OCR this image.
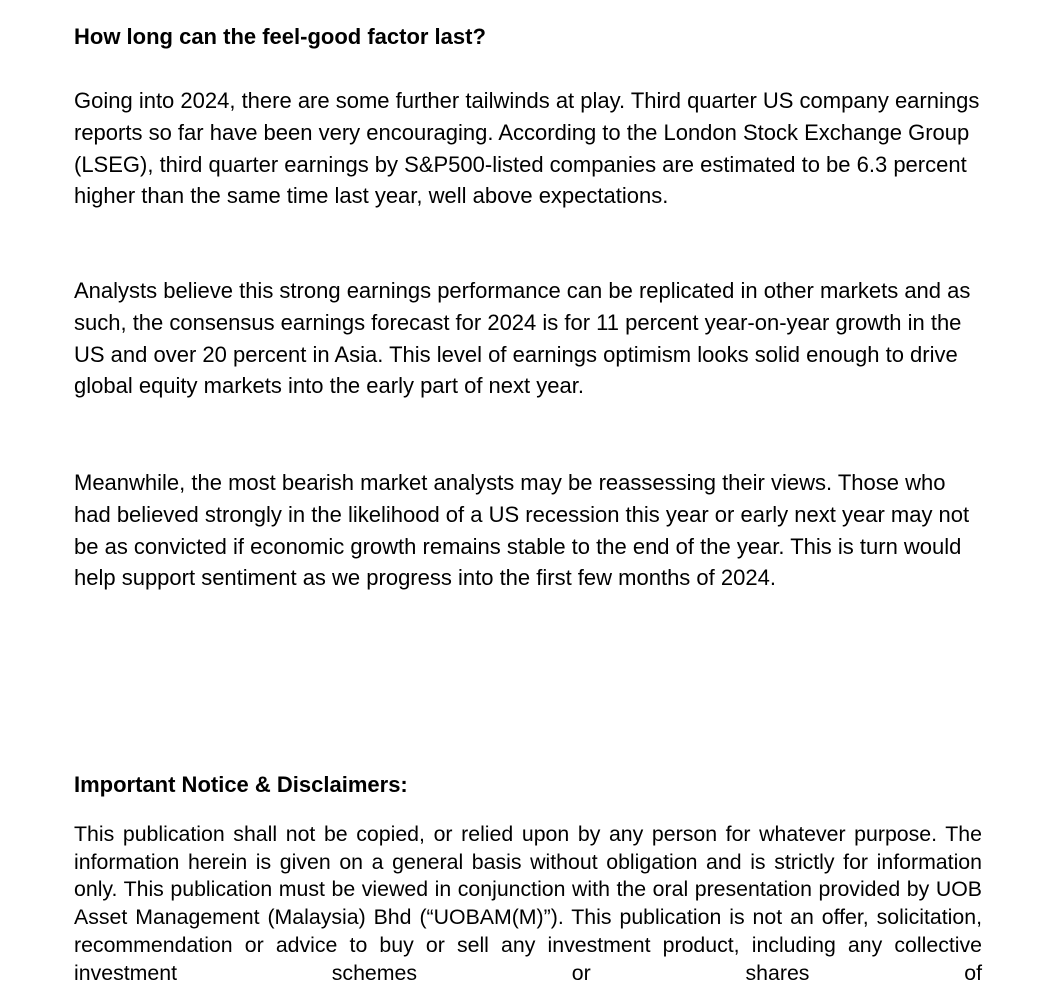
How long can the feel-good factor last?

Going into 2024, there are some further tailwinds at play. Third quarter US company earnings reports so far have been very encouraging. According to the London Stock Exchange Group (LSEG), third quarter earnings by S&P500-listed companies are estimated to be 6.3 percent higher than the same time last year, well above expectations.

Analysts believe this strong earnings performance can be replicated in other markets and as such, the consensus earnings forecast for 2024 is for 11 percent year-on-year growth in the US and over 20 percent in Asia. This level of earnings optimism looks solid enough to drive global equity markets into the early part of next year.

Meanwhile, the most bearish market analysts may be reassessing their views. Those who had believed strongly in the likelihood of a US recession this year or early next year may not be as convicted if economic growth remains stable to the end of the year. This is turn would help support sentiment as we progress into the first few months of 2024.

Important Notice & Disclaimers:

This publication shall not be copied, or relied upon by any person for whatever purpose. The information herein is given on a general basis without obligation and is strictly for information only. This publication must be viewed in conjunction with the oral presentation provided by UOB Asset Management (Malaysia) Bhd (“UOBAM(M)”). This publication is not an offer, solicitation, recommendation or advice to buy or sell any investment product, including any collective investment schemes or shares of
